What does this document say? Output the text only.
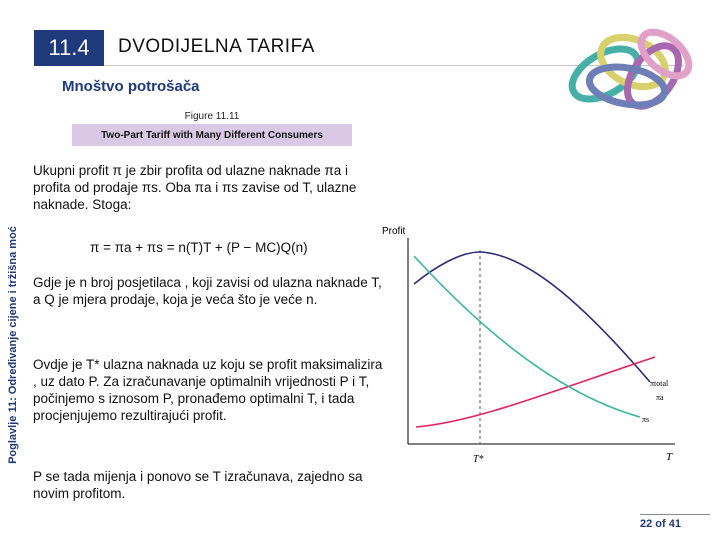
11.4	DVODIJELNA TARIFA
Mnoštvo potrošača
Figure 11.11
Two-Part Tariff with Many Different Consumers
Poglavlje 11: Određivanje cijene i tržišna moć
Ukupni profit π je zbir profita od ulazne naknade πa i profita od prodaje πs. Oba πa i πs zavise od T, ulazne naknade. Stoga:
π = πa + πs = n(T)T + (P − MC)Q(n)
Gdje je n broj posjetilaca , koji zavisi od ulazna naknade T, a Q je mjera prodaje, koja je veća što je veće n.
Ovdje je T* ulazna naknada uz koju se profit maksimalizira , uz dato P. Za izračunavanje optimalnih vrijednosti P i T, počinjemo s iznosom P, pronađemo optimalni T, i tada procjenjujemo rezultirajući profit.
P se tada mijenja i ponovo se T izračunava, zajedno sa novim profitom.
Profit
T
T*
πtotal
πa
πs
22 of 41
